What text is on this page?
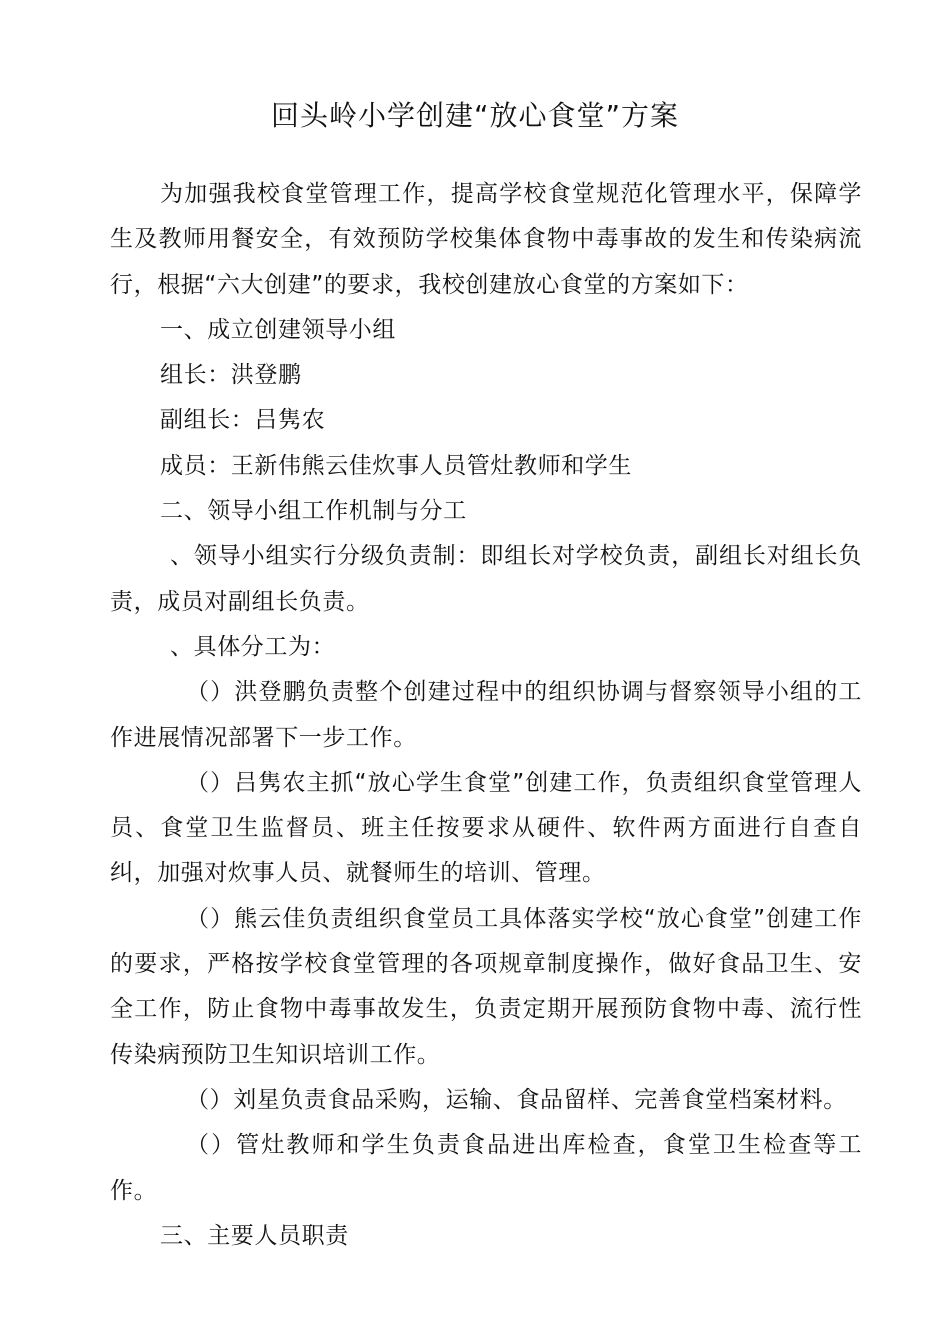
回头岭小学创建“放心食堂”方案

为加强我校食堂管理工作，提高学校食堂规范化管理水平，保障学生及教师用餐安全，有效预防学校集体食物中毒事故的发生和传染病流行，根据“六大创建”的要求，我校创建放心食堂的方案如下：

一、成立创建领导小组

组长：洪登鹏

副组长：吕隽农

成员：王新伟熊云佳炊事人员管灶教师和学生

二、领导小组工作机制与分工

、领导小组实行分级负责制：即组长对学校负责，副组长对组长负责，成员对副组长负责。

、具体分工为：

（）洪登鹏负责整个创建过程中的组织协调与督察领导小组的工作进展情况部署下一步工作。

（）吕隽农主抓“放心学生食堂”创建工作，负责组织食堂管理人员、食堂卫生监督员、班主任按要求从硬件、软件两方面进行自查自纠，加强对炊事人员、就餐师生的培训、管理。

（）熊云佳负责组织食堂员工具体落实学校“放心食堂”创建工作的要求，严格按学校食堂管理的各项规章制度操作，做好食品卫生、安全工作，防止食物中毒事故发生，负责定期开展预防食物中毒、流行性传染病预防卫生知识培训工作。

（）刘星负责食品采购，运输、食品留样、完善食堂档案材料。

（）管灶教师和学生负责食品进出库检查，食堂卫生检查等工作。

三、主要人员职责
